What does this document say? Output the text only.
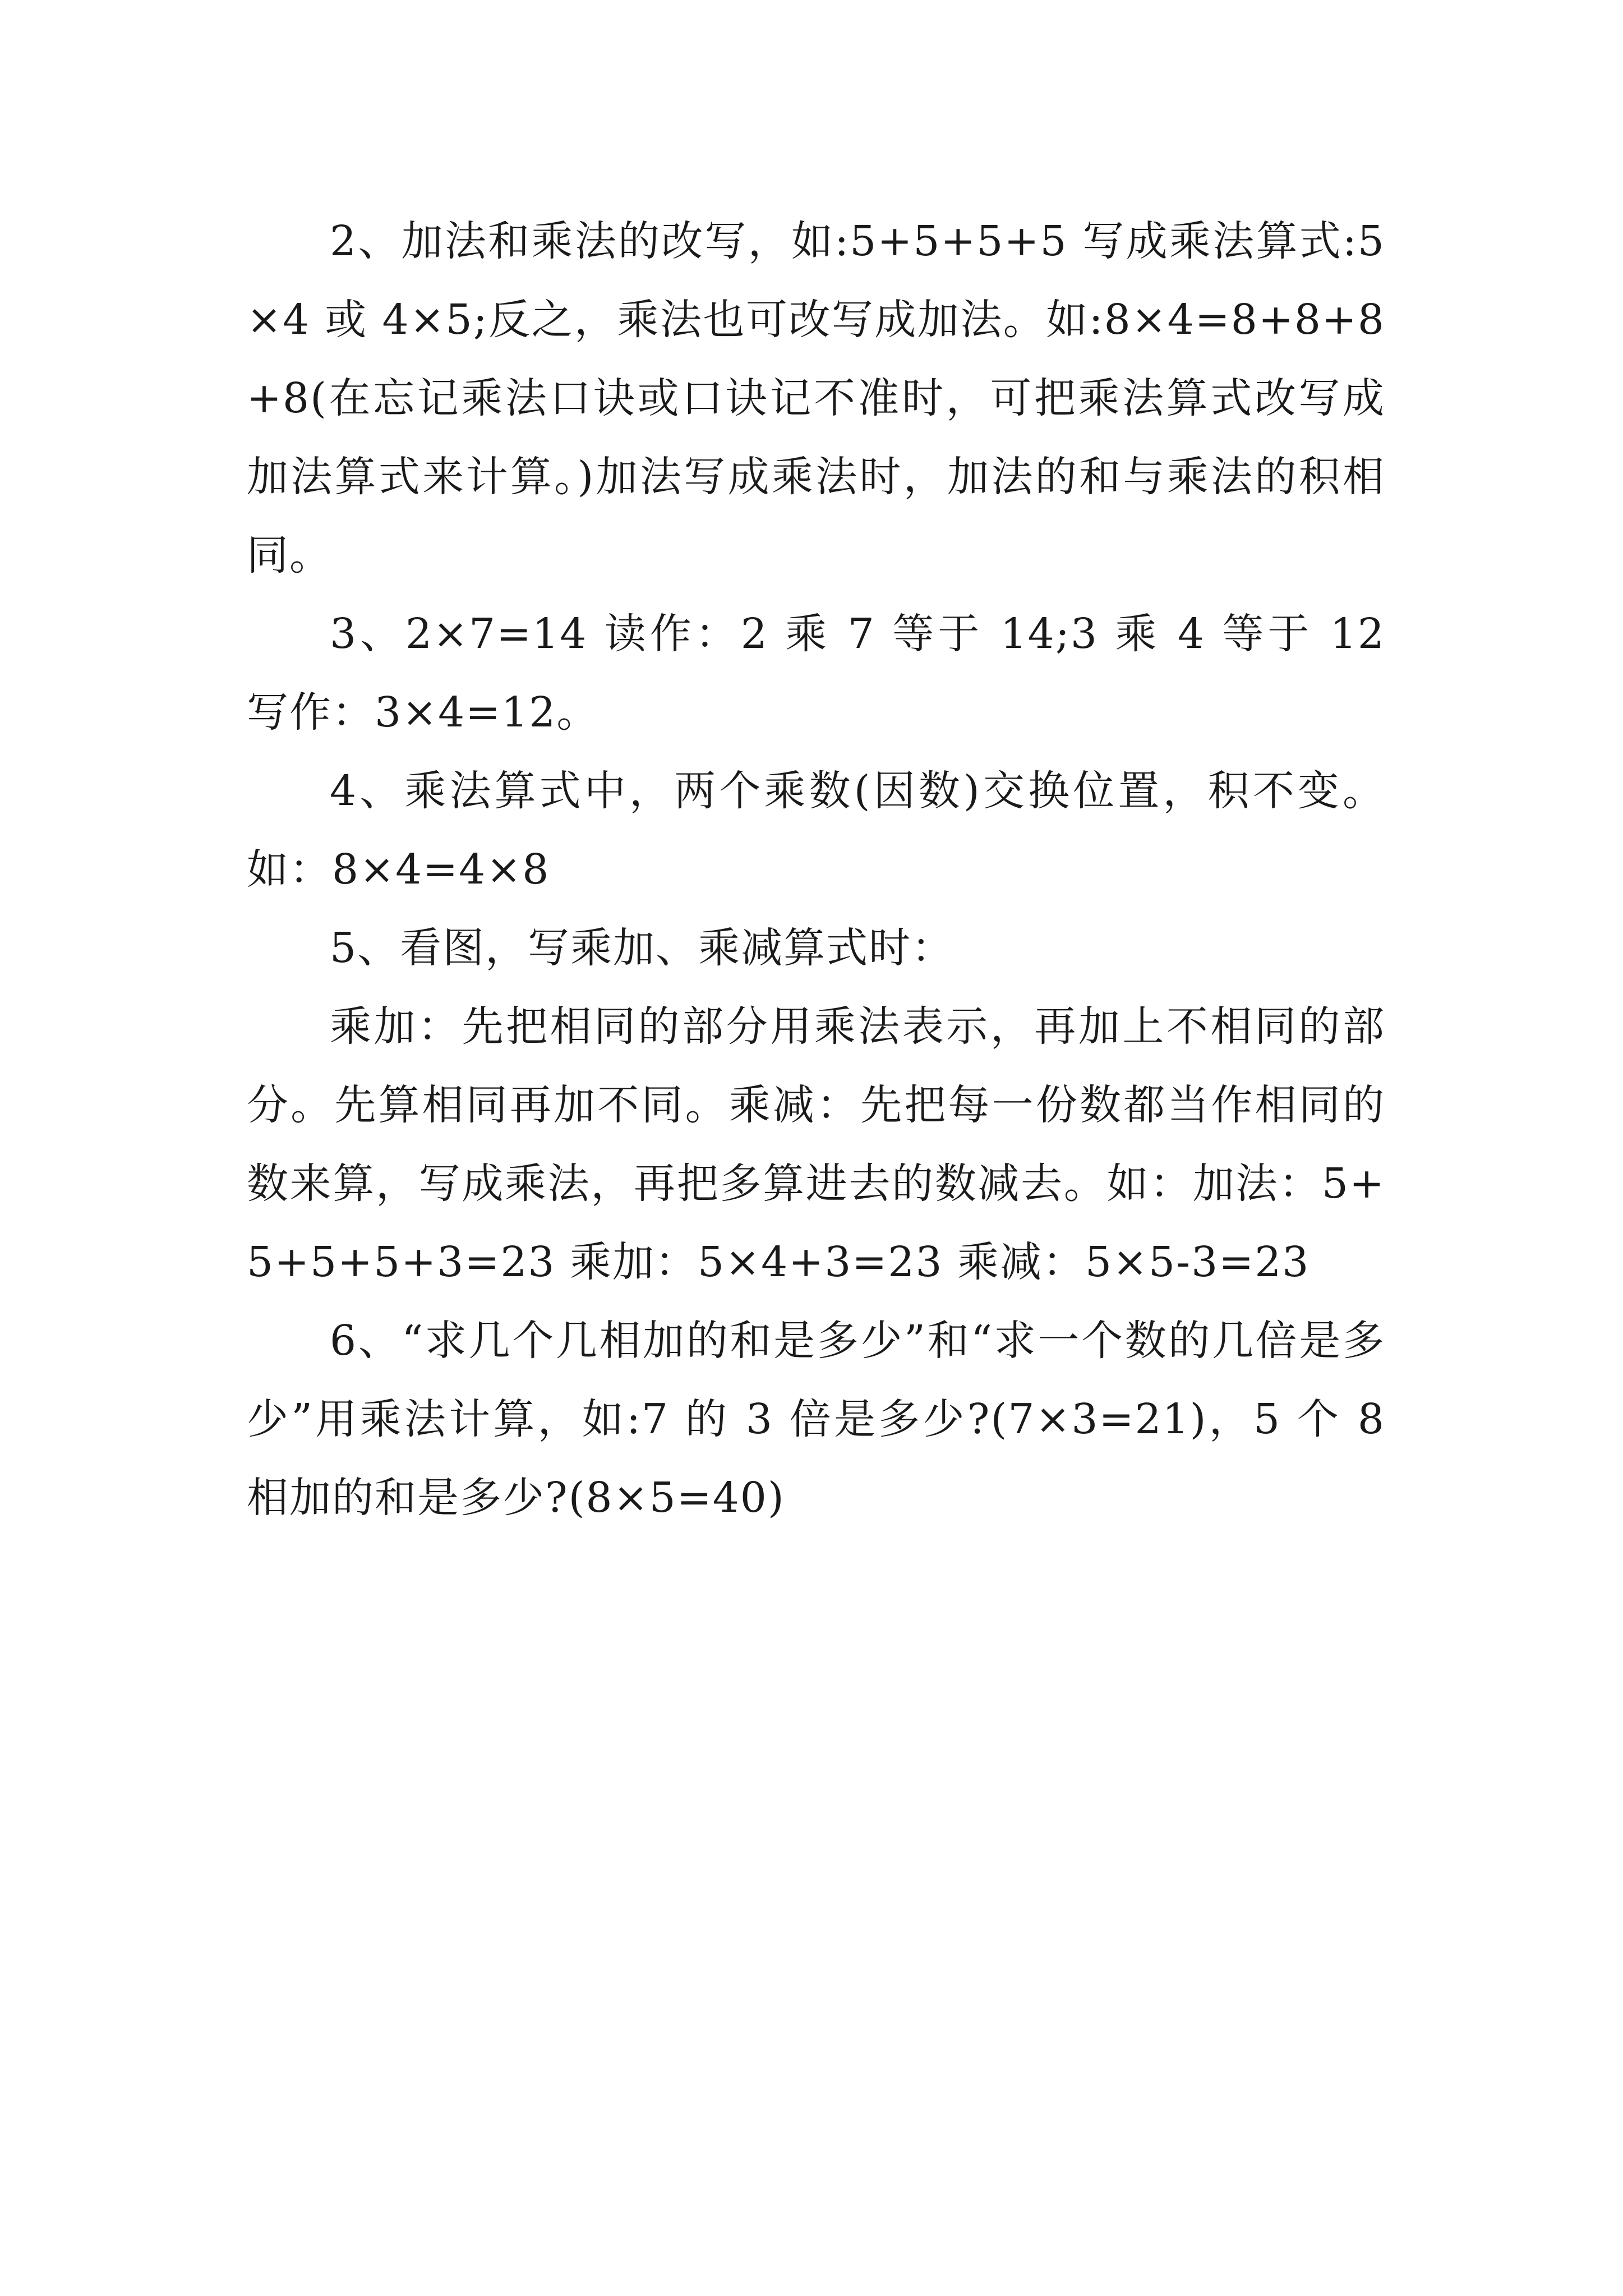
2、加法和乘法的改写，如:5+5+5+5 写成乘法算式:5×4 或 4×5;反之，乘法也可改写成加法。如:8×4=8+8+8+8(在忘记乘法口诀或口诀记不准时，可把乘法算式改写成加法算式来计算。)加法写成乘法时，加法的和与乘法的积相同。

3、2×7=14 读作：2 乘 7 等于 14;3 乘 4 等于 12 写作：3×4=12。

4、乘法算式中，两个乘数(因数)交换位置，积不变。如：8×4=4×8

5、看图，写乘加、乘减算式时：

乘加：先把相同的部分用乘法表示，再加上不相同的部分。先算相同再加不同。乘减：先把每一份数都当作相同的数来算，写成乘法，再把多算进去的数减去。如：加法：5+5+5+5+3=23 乘加：5×4+3=23 乘减：5×5-3=23

6、“求几个几相加的和是多少”和“求一个数的几倍是多少”用乘法计算，如:7 的 3 倍是多少?(7×3=21)，5 个 8 相加的和是多少?(8×5=40)
